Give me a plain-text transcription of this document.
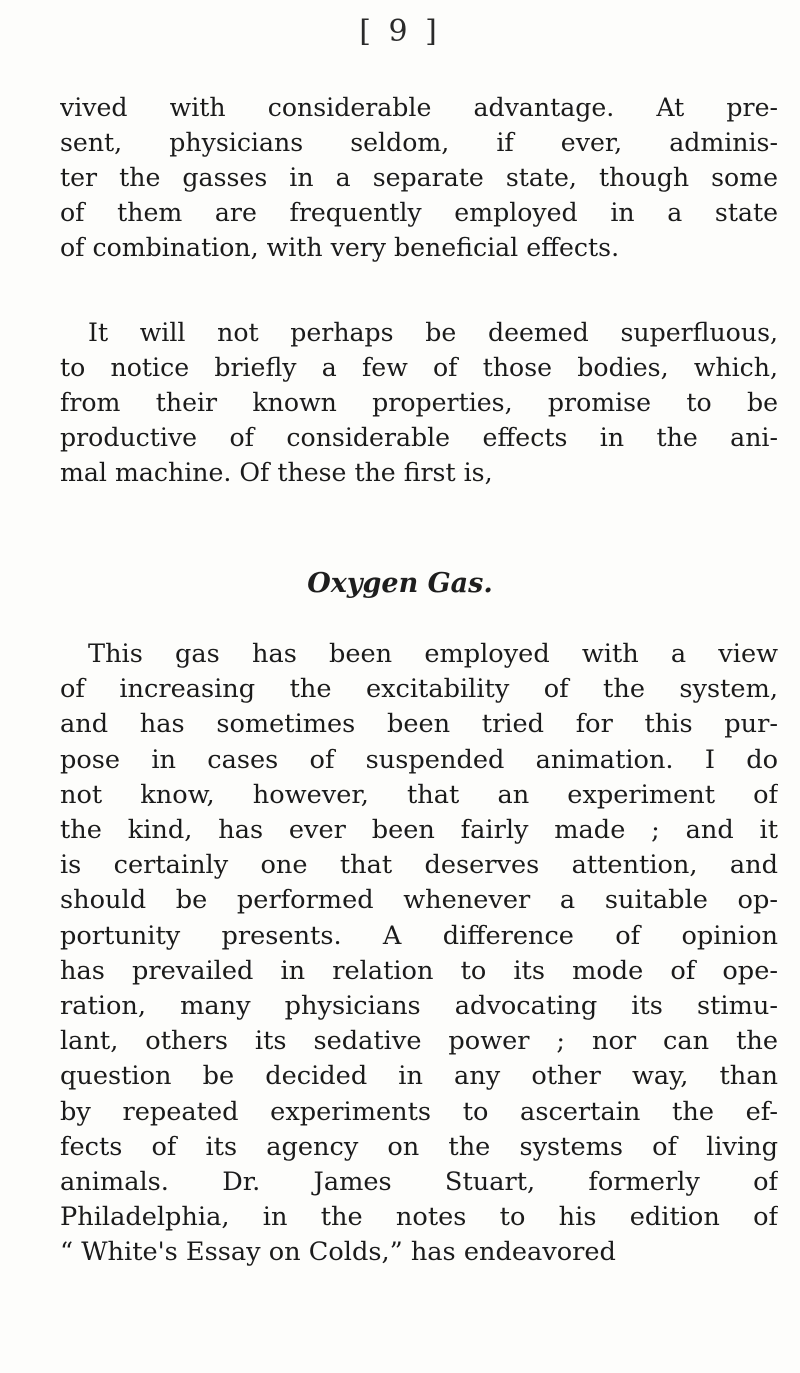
[ 9 ]
vived with considerable advantage. At pre-
sent, physicians seldom, if ever, adminis-
ter the gasses in a separate state, though some
of them are frequently employed in a state
of combination, with very beneficial effects.
It will not perhaps be deemed superfluous,
to notice briefly a few of those bodies, which,
from their known properties, promise to be
productive of considerable effects in the ani-
mal machine. Of these the first is,
Oxygen Gas.
This gas has been employed with a view
of increasing the excitability of the system,
and has sometimes been tried for this pur-
pose in cases of suspended animation. I do
not know, however, that an experiment of
the kind, has ever been fairly made ; and it
is certainly one that deserves attention, and
should be performed whenever a suitable op-
portunity presents. A difference of opinion
has prevailed in relation to its mode of ope-
ration, many physicians advocating its stimu-
lant, others its sedative power ; nor can the
question be decided in any other way, than
by repeated experiments to ascertain the ef-
fects of its agency on the systems of living
animals. Dr. James Stuart, formerly of
Philadelphia, in the notes to his edition of
“ White's Essay on Colds,” has endeavored
